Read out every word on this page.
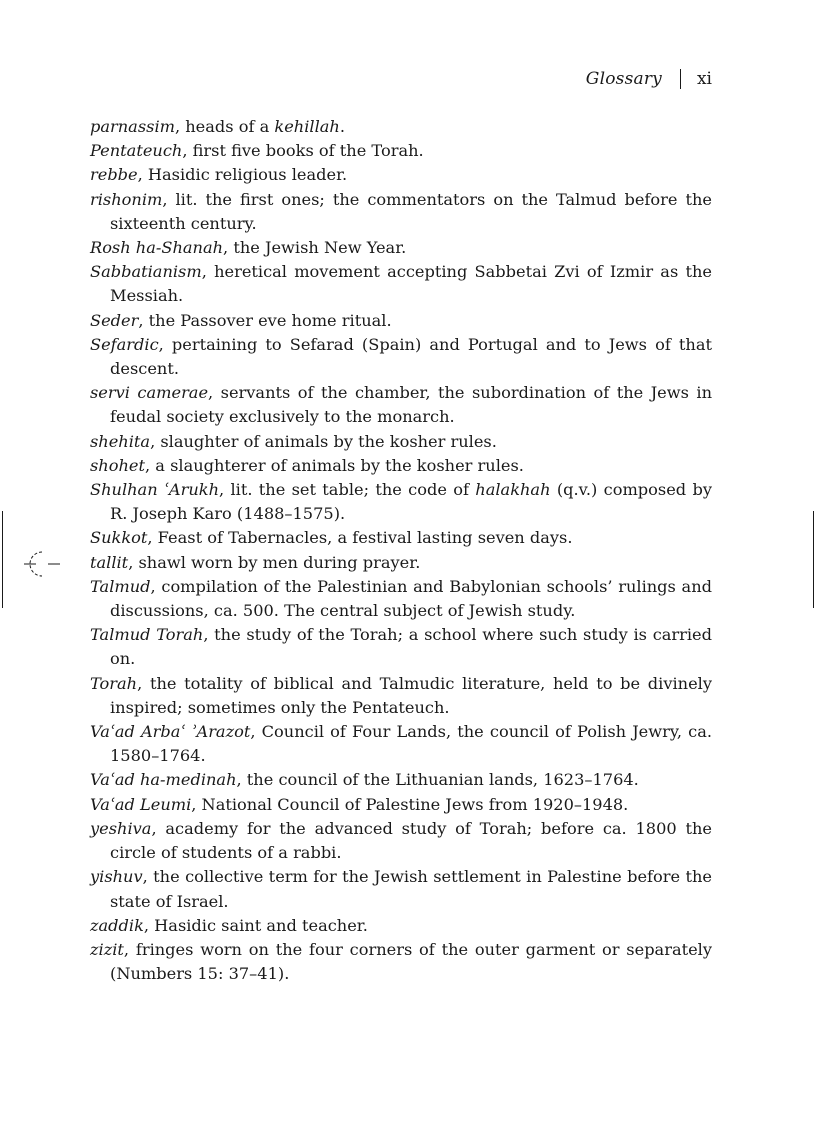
Glossary xi
parnassim, heads of a kehillah.
Pentateuch, first five books of the Torah.
rebbe, Hasidic religious leader.
rishonim, lit. the first ones; the commentators on the Talmud before the sixteenth century.
Rosh ha-Shanah, the Jewish New Year.
Sabbatianism, heretical movement accepting Sabbetai Zvi of Izmir as the Messiah.
Seder, the Passover eve home ritual.
Sefardic, pertaining to Sefarad (Spain) and Portugal and to Jews of that descent.
servi camerae, servants of the chamber, the subordination of the Jews in feudal society exclusively to the monarch.
shehita, slaughter of animals by the kosher rules.
shohet, a slaughterer of animals by the kosher rules.
Shulhan ʿArukh, lit. the set table; the code of halakhah (q.v.) composed by R. Joseph Karo (1488–1575).
Sukkot, Feast of Tabernacles, a festival lasting seven days.
tallit, shawl worn by men during prayer.
Talmud, compilation of the Palestinian and Babylonian schools’ rulings and discussions, ca. 500. The central subject of Jewish study.
Talmud Torah, the study of the Torah; a school where such study is carried on.
Torah, the totality of biblical and Talmudic literature, held to be divinely inspired; sometimes only the Pentateuch.
Vaʿad Arbaʿ ʾArazot, Council of Four Lands, the council of Polish Jewry, ca. 1580–1764.
Vaʿad ha-medinah, the council of the Lithuanian lands, 1623–1764.
Vaʿad Leumi, National Council of Palestine Jews from 1920–1948.
yeshiva, academy for the advanced study of Torah; before ca. 1800 the circle of students of a rabbi.
yishuv, the collective term for the Jewish settlement in Palestine before the state of Israel.
zaddik, Hasidic saint and teacher.
zizit, fringes worn on the four corners of the outer garment or separately (Numbers 15: 37–41).
